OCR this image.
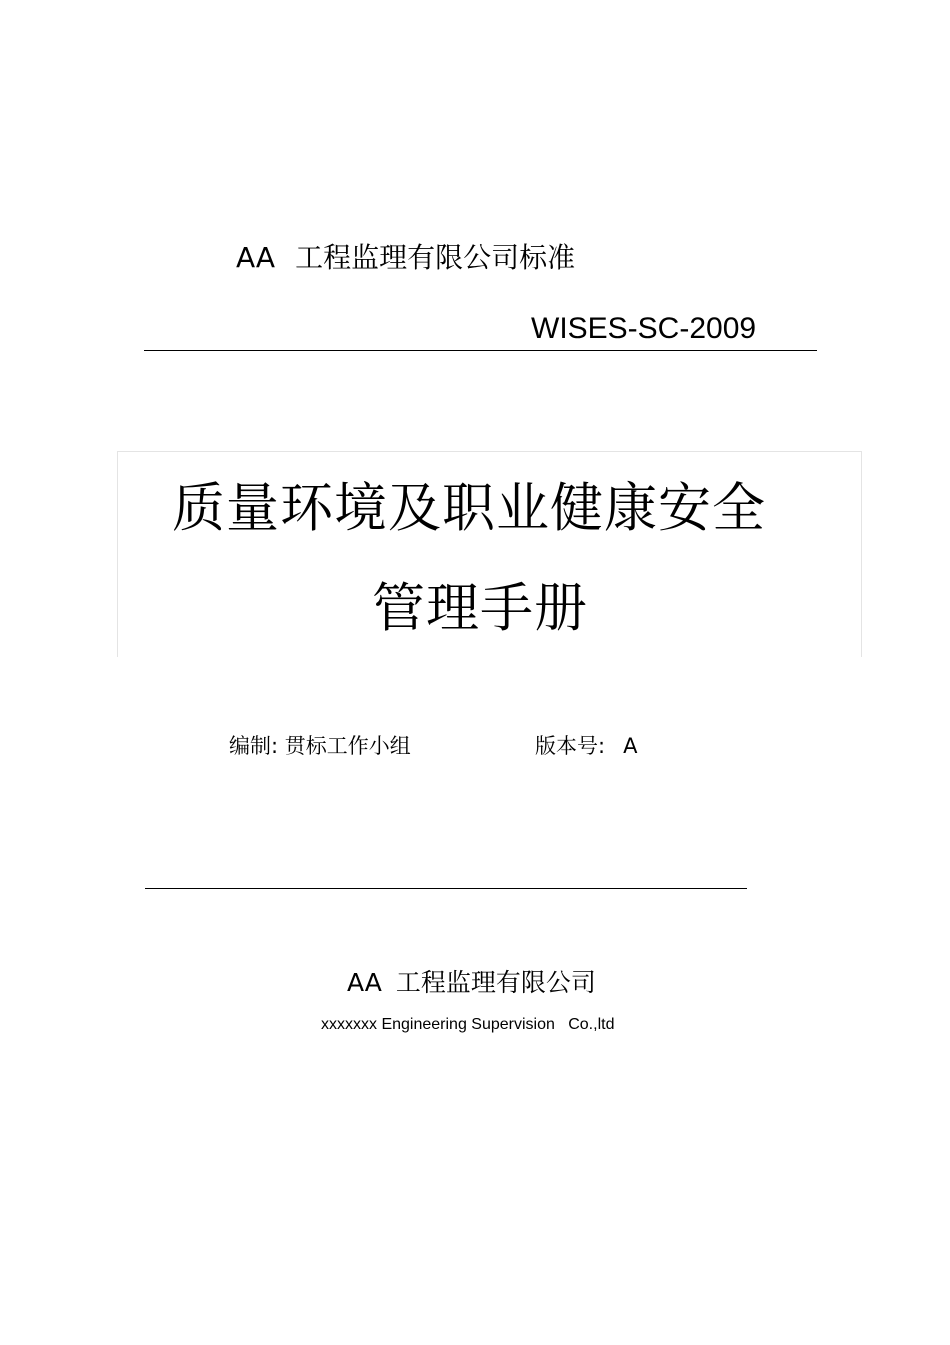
AA 工程监理有限公司标准
WISES-SC-2009
质量环境及职业健康安全
管理手册
编制: 贯标工作小组	版本号: A
AA 工程监理有限公司
xxxxxxx Engineering Supervision   Co.,ltd
